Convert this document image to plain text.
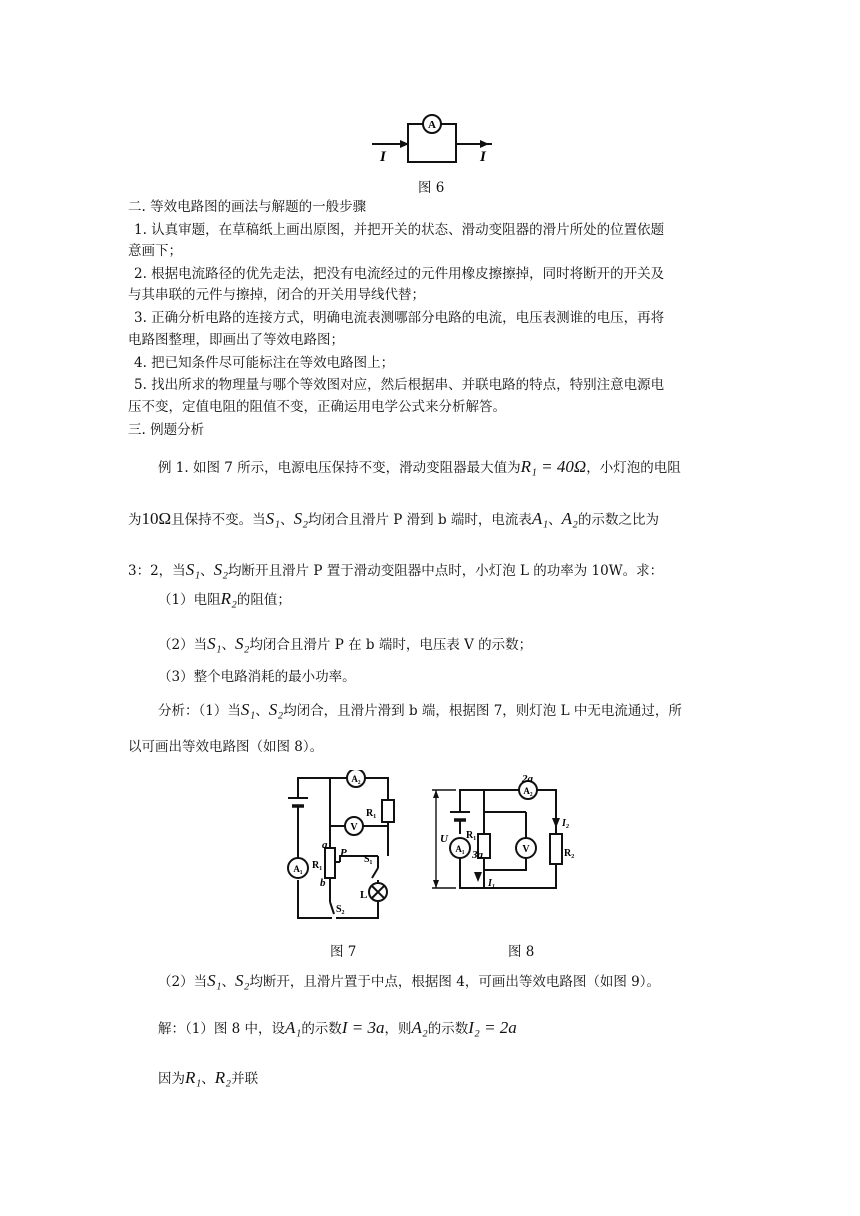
A
I	I
图 6
二. 等效电路图的画法与解题的一般步骤
1. 认真审题，在草稿纸上画出原图，并把开关的状态、滑动变阻器的滑片所处的位置依题
意画下；
2. 根据电流路径的优先走法，把没有电流经过的元件用橡皮擦擦掉，同时将断开的开关及
与其串联的元件与擦掉，闭合的开关用导线代替；
3. 正确分析电路的连接方式，明确电流表测哪部分电路的电流，电压表测谁的电压，再将
电路图整理，即画出了等效电路图；
4. 把已知条件尽可能标注在等效电路图上；
5. 找出所求的物理量与哪个等效图对应，然后根据串、并联电路的特点，特别注意电源电
压不变，定值电阻的阻值不变，正确运用电学公式来分析解答。
三. 例题分析
例 1. 如图 7 所示，电源电压保持不变，滑动变阻器最大值为R₁ = 40Ω，小灯泡的电阻
为10Ω且保持不变。当S₁、S₂均闭合且滑片 P 滑到 b 端时，电流表A₁、A₂的示数之比为
3：2，当S₁、S₂均断开且滑片 P 置于滑动变阻器中点时，小灯泡 L 的功率为 10W。求：
（1）电阻R₂的阻值；
（2）当S₁、S₂均闭合且滑片 P 在 b 端时，电压表 V 的示数；
（3）整个电路消耗的最小功率。
分析：（1）当S₁、S₂均闭合，且滑片滑到 b 端，根据图 7，则灯泡 L 中无电流通过，所
以可画出等效电路图（如图 8）。
A₂
R₁
V
a
P
S₁
A₁ R₁
b
L
S₂
2a
A₂
I₂
U R₁
V	R₂
A₁ 3a
I₁
图 7	图 8
（2）当S₁、S₂均断开，且滑片置于中点，根据图 4，可画出等效电路图（如图 9）。
解：（1）图 8 中，设A₁的示数I = 3a，则A₂的示数I₂ = 2a
因为R₁、R₂并联
